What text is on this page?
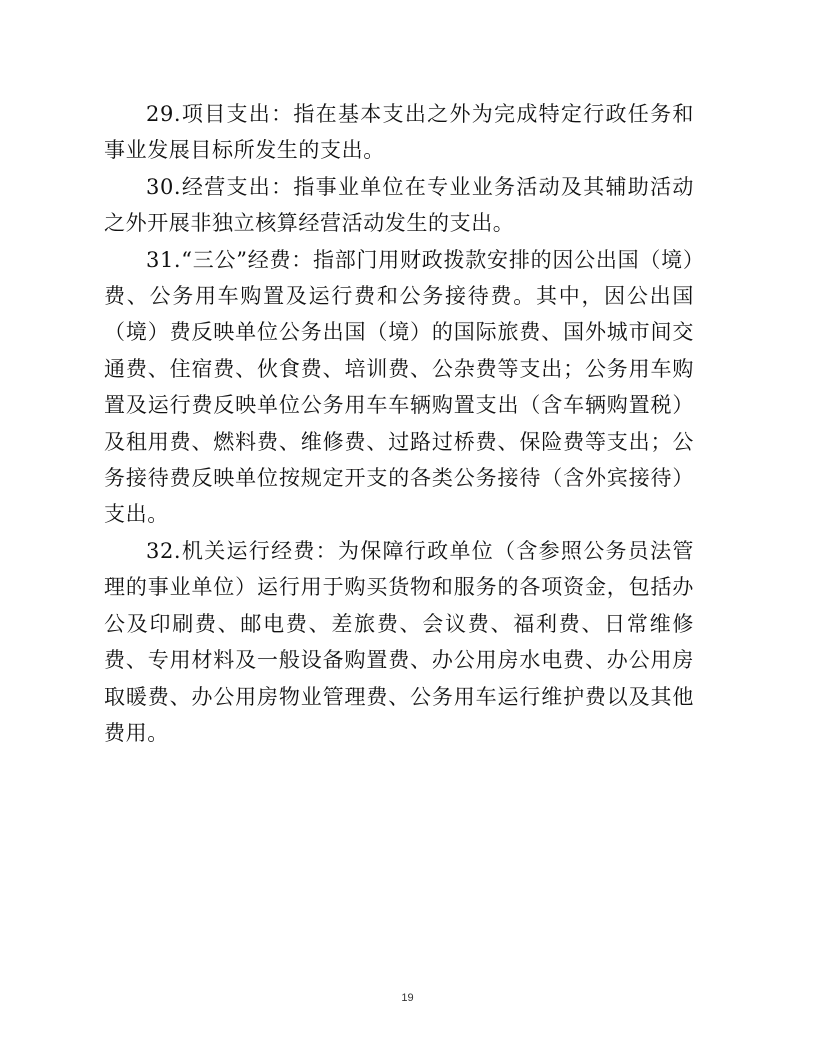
29.项目支出：指在基本支出之外为完成特定行政任务和事业发展目标所发生的支出。

30.经营支出：指事业单位在专业业务活动及其辅助活动之外开展非独立核算经营活动发生的支出。

31.“三公”经费：指部门用财政拨款安排的因公出国（境）费、公务用车购置及运行费和公务接待费。其中，因公出国（境）费反映单位公务出国（境）的国际旅费、国外城市间交通费、住宿费、伙食费、培训费、公杂费等支出；公务用车购置及运行费反映单位公务用车车辆购置支出（含车辆购置税）及租用费、燃料费、维修费、过路过桥费、保险费等支出；公务接待费反映单位按规定开支的各类公务接待（含外宾接待）支出。

32.机关运行经费：为保障行政单位（含参照公务员法管理的事业单位）运行用于购买货物和服务的各项资金，包括办公及印刷费、邮电费、差旅费、会议费、福利费、日常维修费、专用材料及一般设备购置费、办公用房水电费、办公用房取暖费、办公用房物业管理费、公务用车运行维护费以及其他费用。

19
